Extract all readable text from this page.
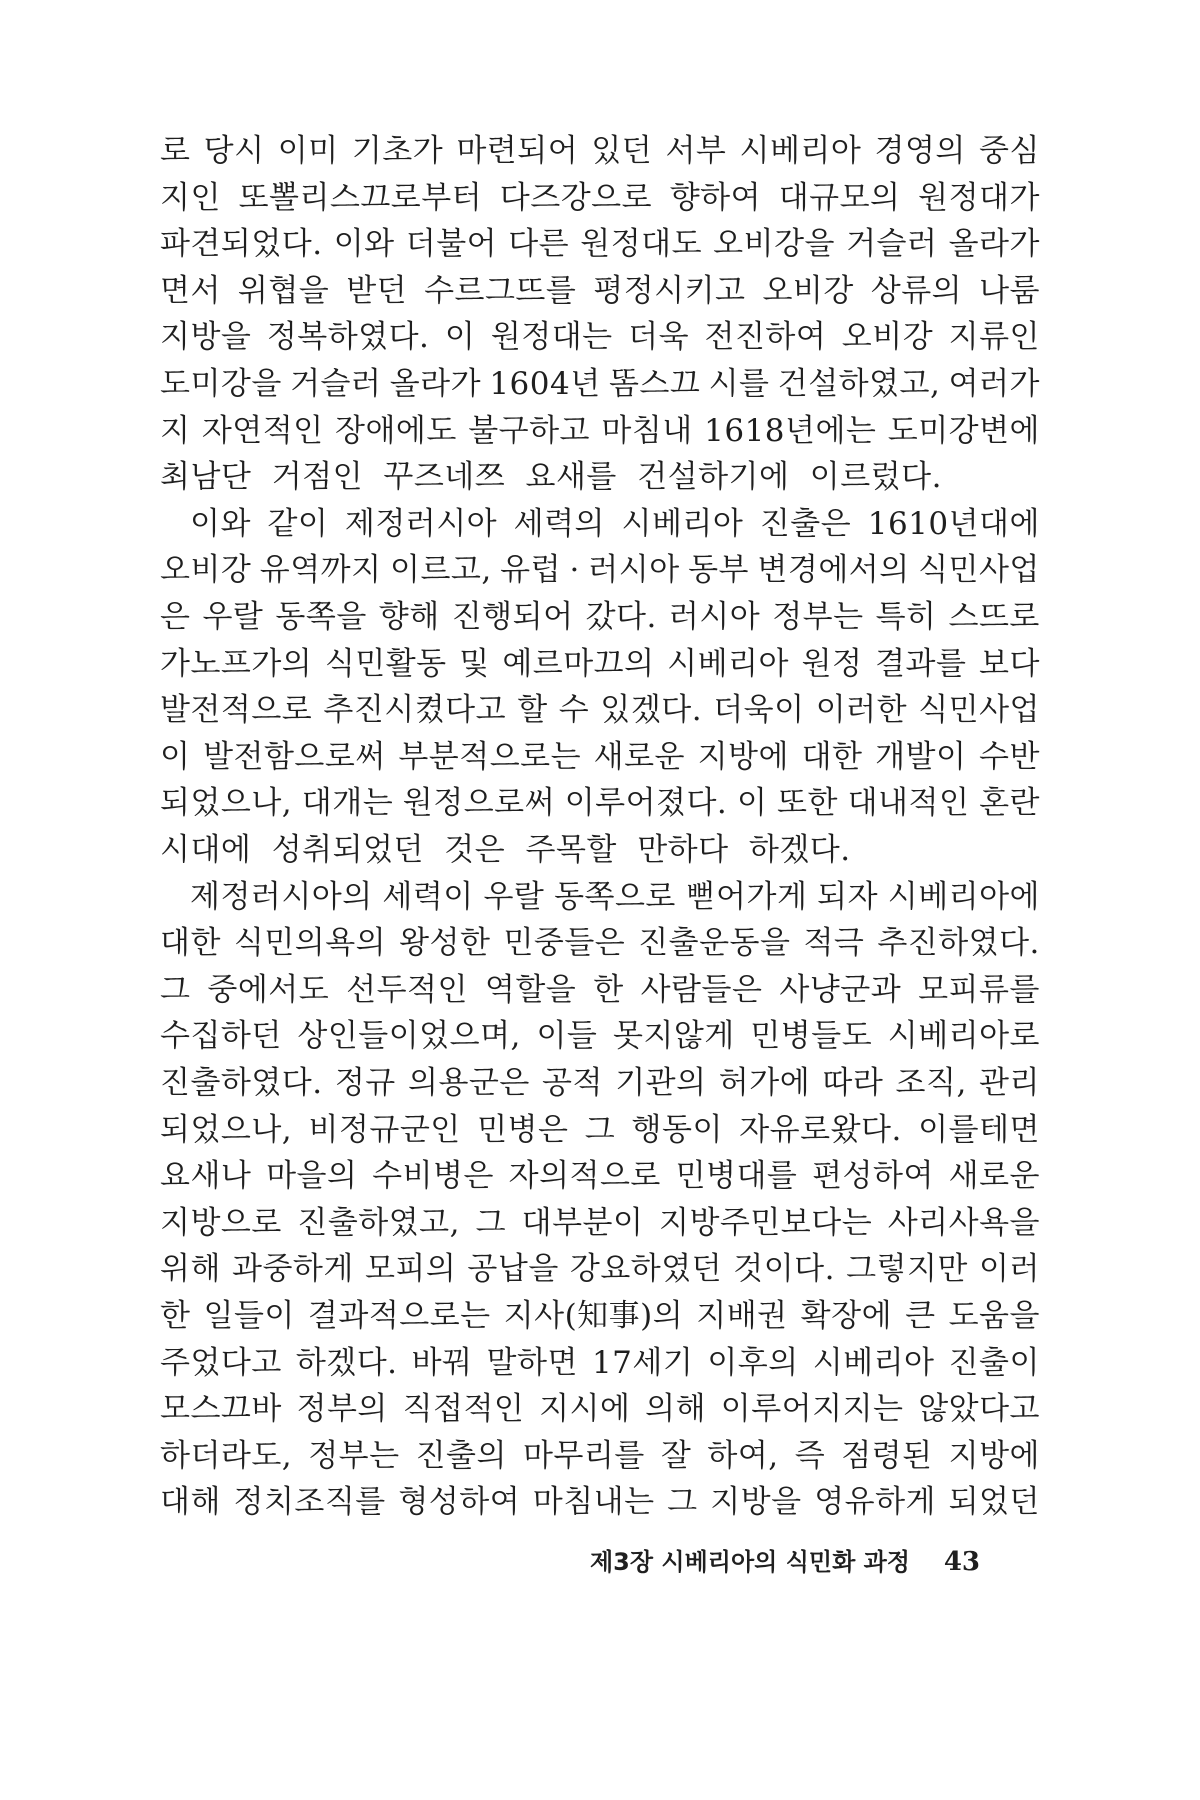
로 당시 이미 기초가 마련되어 있던 서부 시베리아 경영의 중심
지인 또뽈리스끄로부터 다즈강으로 향하여 대규모의 원정대가
파견되었다. 이와 더불어 다른 원정대도 오비강을 거슬러 올라가
면서 위협을 받던 수르그뜨를 평정시키고 오비강 상류의 나룸
지방을 정복하였다. 이 원정대는 더욱 전진하여 오비강 지류인
도미강을 거슬러 올라가 1604년 똠스끄 시를 건설하였고, 여러가
지 자연적인 장애에도 불구하고 마침내 1618년에는 도미강변에
최남단 거점인 꾸즈네쯔 요새를 건설하기에 이르렀다.
이와 같이 제정러시아 세력의 시베리아 진출은 1610년대에
오비강 유역까지 이르고, 유럽 · 러시아 동부 변경에서의 식민사업
은 우랄 동쪽을 향해 진행되어 갔다. 러시아 정부는 특히 스뜨로
가노프가의 식민활동 및 예르마끄의 시베리아 원정 결과를 보다
발전적으로 추진시켰다고 할 수 있겠다. 더욱이 이러한 식민사업
이 발전함으로써 부분적으로는 새로운 지방에 대한 개발이 수반
되었으나, 대개는 원정으로써 이루어졌다. 이 또한 대내적인 혼란
시대에 성취되었던 것은 주목할 만하다 하겠다.
제정러시아의 세력이 우랄 동쪽으로 뻗어가게 되자 시베리아에
대한 식민의욕의 왕성한 민중들은 진출운동을 적극 추진하였다.
그 중에서도 선두적인 역할을 한 사람들은 사냥군과 모피류를
수집하던 상인들이었으며, 이들 못지않게 민병들도 시베리아로
진출하였다. 정규 의용군은 공적 기관의 허가에 따라 조직, 관리
되었으나, 비정규군인 민병은 그 행동이 자유로왔다. 이를테면
요새나 마을의 수비병은 자의적으로 민병대를 편성하여 새로운
지방으로 진출하였고, 그 대부분이 지방주민보다는 사리사욕을
위해 과중하게 모피의 공납을 강요하였던 것이다. 그렇지만 이러
한 일들이 결과적으로는 지사(知事)의 지배권 확장에 큰 도움을
주었다고 하겠다. 바꿔 말하면 17세기 이후의 시베리아 진출이
모스끄바 정부의 직접적인 지시에 의해 이루어지지는 않았다고
하더라도, 정부는 진출의 마무리를 잘 하여, 즉 점령된 지방에
대해 정치조직를 형성하여 마침내는 그 지방을 영유하게 되었던
제3장 시베리아의 식민화 과정 43
